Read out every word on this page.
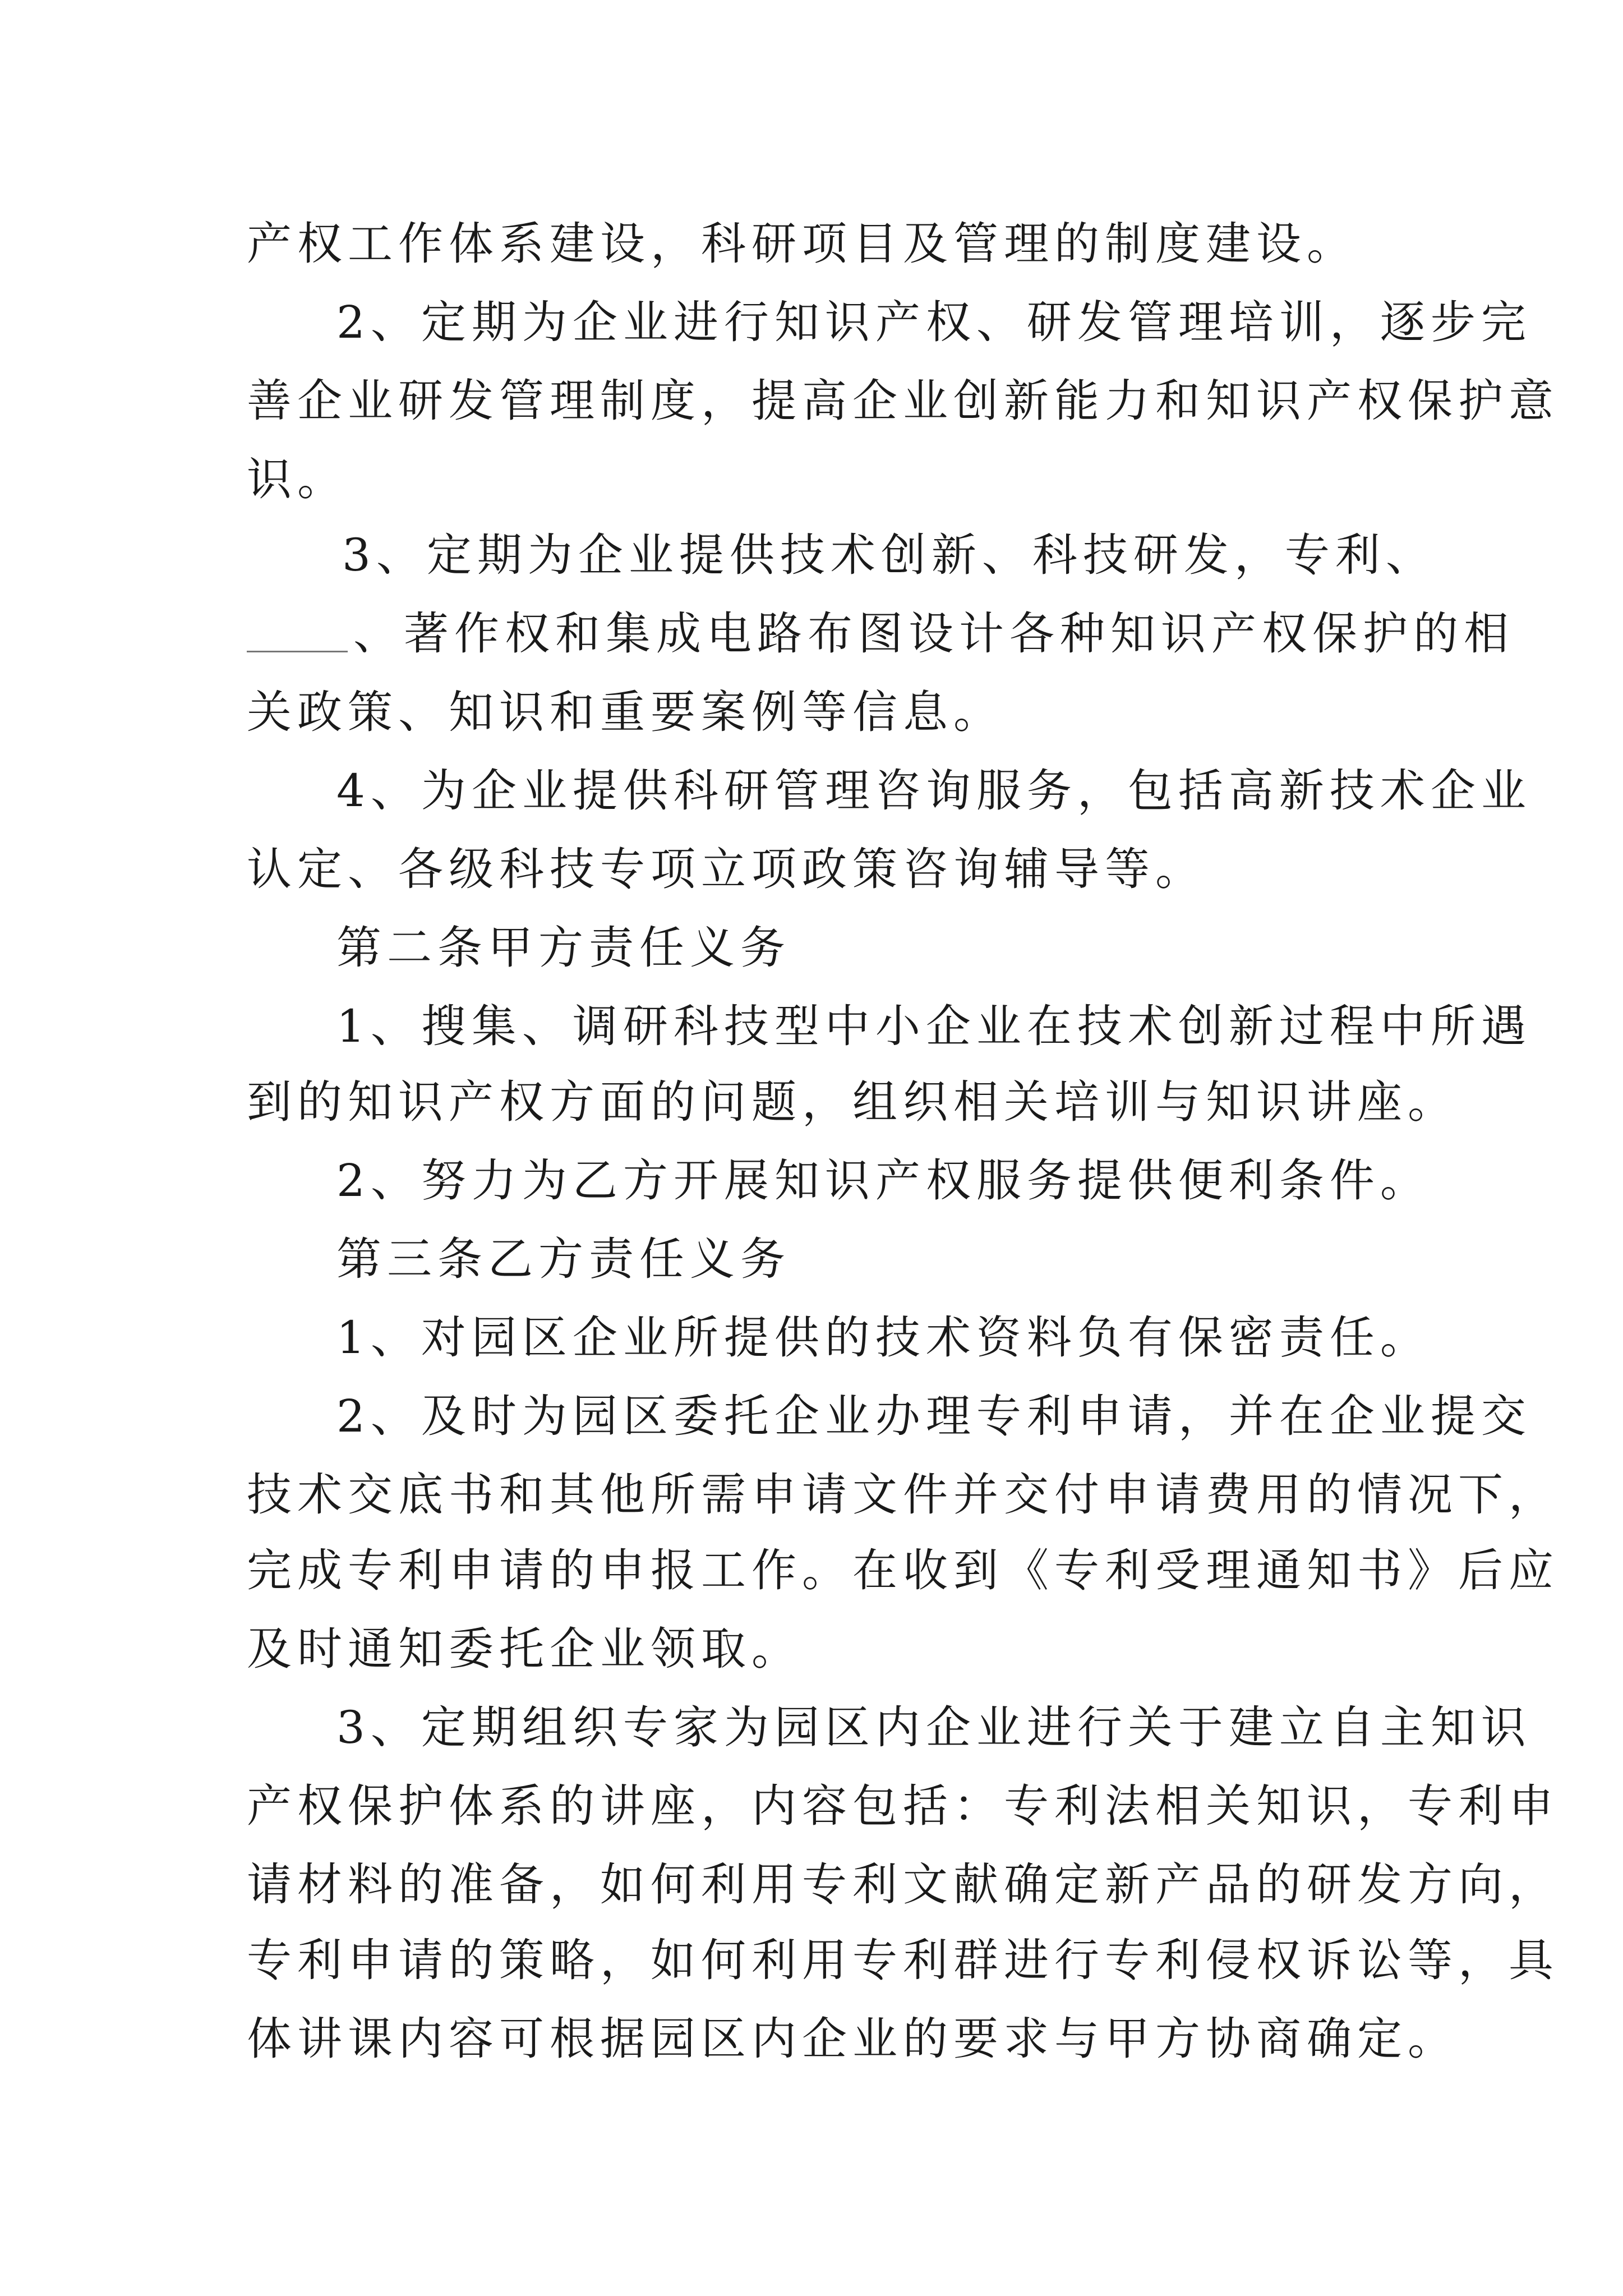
产权工作体系建设，科研项目及管理的制度建设。
2、定期为企业进行知识产权、研发管理培训，逐步完
善企业研发管理制度，提高企业创新能力和知识产权保护意
识。
3、定期为企业提供技术创新、科技研发，专利、
、著作权和集成电路布图设计各种知识产权保护的相
关政策、知识和重要案例等信息。
4、为企业提供科研管理咨询服务，包括高新技术企业
认定、各级科技专项立项政策咨询辅导等。
第二条甲方责任义务
1、搜集、调研科技型中小企业在技术创新过程中所遇
到的知识产权方面的问题，组织相关培训与知识讲座。
2、努力为乙方开展知识产权服务提供便利条件。
第三条乙方责任义务
1、对园区企业所提供的技术资料负有保密责任。
2、及时为园区委托企业办理专利申请，并在企业提交
技术交底书和其他所需申请文件并交付申请费用的情况下，
完成专利申请的申报工作。在收到《专利受理通知书》后应
及时通知委托企业领取。
3、定期组织专家为园区内企业进行关于建立自主知识
产权保护体系的讲座，内容包括：专利法相关知识，专利申
请材料的准备，如何利用专利文献确定新产品的研发方向，
专利申请的策略，如何利用专利群进行专利侵权诉讼等，具
体讲课内容可根据园区内企业的要求与甲方协商确定。
